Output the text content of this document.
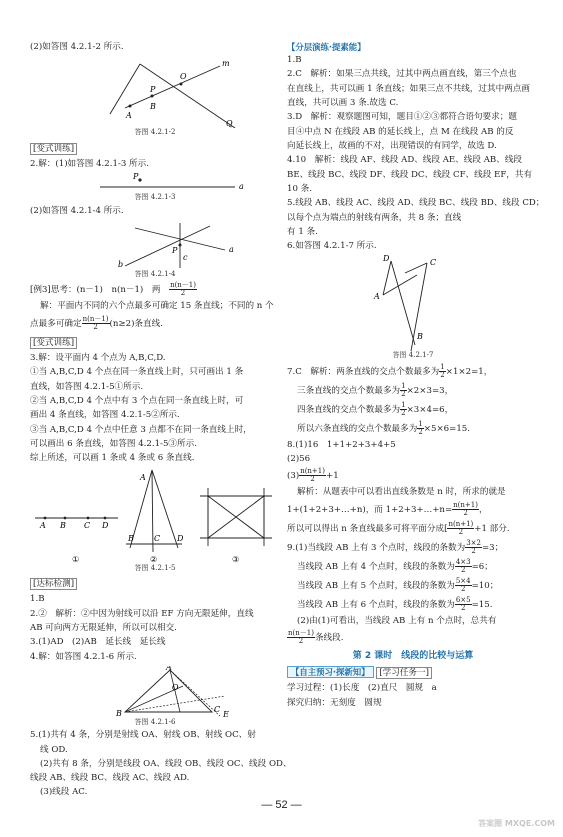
(2)如答图 4.2.1-2 所示.
P
O
m
A
B
Q
答图 4.2.1-2
[变式训练]
2.解：(1)如答图 4.2.1-3 所示.
P
a
答图 4.2.1-3
(2)如答图 4.2.1-4 所示.
a
P
c
b
答图 4.2.1-4
[例3]思考：(n－1)　n(n－1)　两　 $\frac{n(n-1)}{2}$
解：平面内不同的六个点最多可确定 15 条直线；不同的 n 个
点最多可确定 $\frac{n(n-1)}{2} (n\ge 2)$条直线.
[变式训练]
3.解：设平面内 4 个点为 A,B,C,D.
①当 A,B,C,D 4 个点在同一条直线上时，只可画出 1 条
直线，如答图 4.2.1-5①所示.
②当 A,B,C,D 4 个点中有 3 个点在同一条直线上时，可
画出 4 条直线，如答图 4.2.1-5②所示.
③当 A,B,C,D 4 个点中任意 3 点都不在同一条直线上时，
可以画出 6 条直线，如答图 4.2.1-5③所示.
综上所述，可以画 1 条或 4 条或 6 条直线.
A B C D
A
B	C D
①	②	③
答图 4.2.1-5
[达标检测]
1.B
2.②　解析：②中因为射线可以沿 EF 方向无限延伸，直线
AB 可向两方无限延伸，所以可以相交.
3.(1)AD　(2)AB　延长线　延长线
4.解：如答图 4.2.1-6 所示.
A
O
B	C
E
答图 4.2.1-6
5.(1)共有 4 条，分别是射线 OA、射线 OB、射线 OC、射
线 OD.
(2)共有 8 条，分别是线段 OA、线段 OB、线段 OC、线段 OD、
线段 AB、线段 BC、线段 AC、线段 AD.
(3)线段 AC.
【分层演练·提素能】
1.B
2.C　解析：如果三点共线，过其中两点画直线，第三个点也
在直线上，共可以画 1 条直线；如果三点不共线，过其中两点画
直线，共可以画 3 条.故选 C.
3.D　解析：观察题图可知，题目①②③都符合语句要求；题
目④中点 N 在线段 AB 的延长线上，点 M 在线段 AB 的反
向延长线上，故画的不对，出现错误的有同学，故选 D.
4.10　解析：线段 AF、线段 AD、线段 AE、线段 AB、线段
BE、线段 BC、线段 DF、线段 DC、线段 CF、线段 EF，共有
10 条.
5.线段 AB、线段 AC、线段 AD、线段 BC、线段 BD、线段 CD；
以每个点为端点的射线有两条，共 8 条；直线
有 1 条.
6.如答图 4.2.1-7 所示.
D	C
A
B
答图 4.2.1-7
7.C　解析：两条直线的交点个数最多为 $\frac{1}{2} \times 1\times 2=1$，
三条直线的交点个数最多为 $\frac{1}{2} \times 2\times 3=3$，
四条直线的交点个数最多为 $\frac{1}{2} \times 3\times 4=6$，
所以六条直线的交点个数最多为 $\frac{1}{2} \times 5\times 6=15$.
8.(1)16　1+1+2+3+4+5
(2)56
$(3) \frac{n(n+1)}{2} +1$
解析：从题表中可以看出直线条数是 n 时，所求的就是
1+(1+2+3+…+n)，而 1+2+3+…+n= $\frac{n(n+1)}{2}$ ，
所以可以得出 n 条直线最多可将平面分成[ $\frac{n(n+1)}{2} +1$ 部分.
9.(1)当线段 AB 上有 3 个点时，线段的条数为 $\frac{3\times 2}{2} =3$；
当线段 AB 上有 4 个点时，线段的条数为 $\frac{4\times 3}{2} =6$；
当线段 AB 上有 5 个点时，线段的条数为 $\frac{5\times 4}{2} =10$；
当线段 AB 上有 6 个点时，线段的条数为 $\frac{6\times 5}{2} =15$.
(2)由(1)可看出，当线段 AB 上有 n 个点时，总共有
$\frac{n(n-1)}{2}$ 条线段.
第 2 课时　线段的比较与运算
【自主预习·探新知】 [学习任务一]
学习过程：(1)长度　(2)直尺　圆规　a
探究归纳：无刻度　圆规
— 52 —
答案圈 MXQE.COM
